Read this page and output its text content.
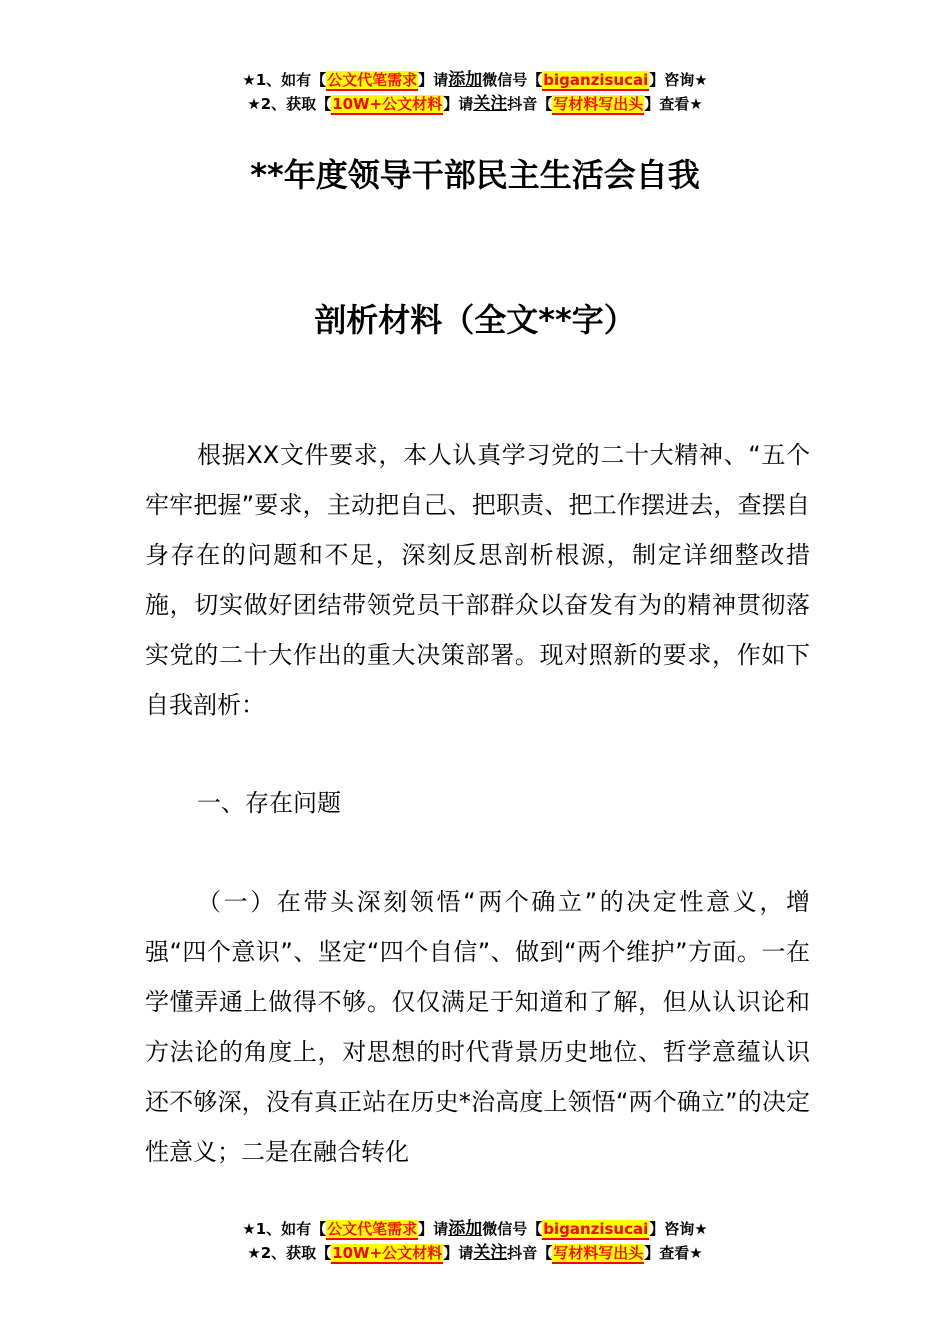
★1、如有【公文代笔需求】请添加微信号【biganzisucai】咨询★
★2、获取【10W+公文材料】请关注抖音【写材料写出头】查看★
**年度领导干部民主生活会自我
剖析材料（全文**字）
根据XX文件要求，本人认真学习党的二十大精神、“五个牢牢把握”要求，主动把自己、把职责、把工作摆进去，查摆自身存在的问题和不足，深刻反思剖析根源，制定详细整改措施，切实做好团结带领党员干部群众以奋发有为的精神贯彻落实党的二十大作出的重大决策部署。现对照新的要求，作如下自我剖析：
一、存在问题
（一）在带头深刻领悟“两个确立”的决定性意义，增强“四个意识”、坚定“四个自信”、做到“两个维护”方面。一在学懂弄通上做得不够。仅仅满足于知道和了解，但从认识论和方法论的角度上，对思想的时代背景历史地位、哲学意蕴认识还不够深，没有真正站在历史*治高度上领悟“两个确立”的决定性意义；二是在融合转化
★1、如有【公文代笔需求】请添加微信号【biganzisucai】咨询★
★2、获取【10W+公文材料】请关注抖音【写材料写出头】查看★
